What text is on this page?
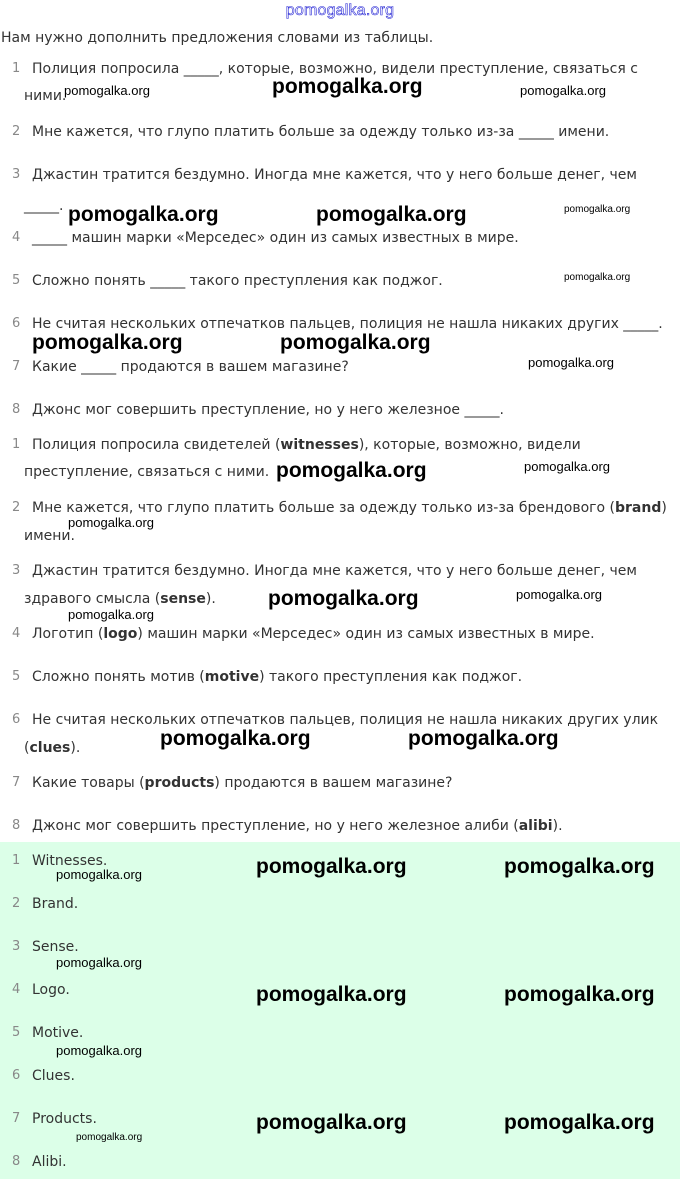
pomogalka.org
Нам нужно дополнить предложения словами из таблицы.
1 Полиция попросила _____, которые, возможно, видели преступление, связаться с
ними.
2 Мне кажется, что глупо платить больше за одежду только из-за _____ имени.
3 Джастин тратится бездумно. Иногда мне кажется, что у него больше денег, чем
_____.
4 _____ машин марки «Мерседес» один из самых известных в мире.
5 Сложно понять _____ такого преступления как поджог.
6 Не считая нескольких отпечатков пальцев, полиция не нашла никаких других _____.
7 Какие _____ продаются в вашем магазине?
8 Джонс мог совершить преступление, но у него железное _____.
1 Полиция попросила свидетелей (witnesses), которые, возможно, видели
преступление, связаться с ними.
2 Мне кажется, что глупо платить больше за одежду только из-за брендового (brand)
имени.
3 Джастин тратится бездумно. Иногда мне кажется, что у него больше денег, чем
здравого смысла (sense).
4 Логотип (logo) машин марки «Мерседес» один из самых известных в мире.
5 Сложно понять мотив (motive) такого преступления как поджог.
6 Не считая нескольких отпечатков пальцев, полиция не нашла никаких других улик
(clues).
7 Какие товары (products) продаются в вашем магазине?
8 Джонс мог совершить преступление, но у него железное алиби (alibi).
1 Witnesses.
2 Brand.
3 Sense.
4 Logo.
5 Motive.
6 Clues.
7 Products.
8 Alibi.
pomogalka.org	pomogalka.org	pomogalka.org
pomogalka.org	pomogalka.org	pomogalka.org
pomogalka.org
pomogalka.org	pomogalka.org
pomogalka.org
pomogalka.org	pomogalka.org
pomogalka.org
pomogalka.org	pomogalka.org
pomogalka.org
pomogalka.org	pomogalka.org
pomogalka.org	pomogalka.org
pomogalka.org
pomogalka.org
pomogalka.org	pomogalka.org
pomogalka.org
pomogalka.org	pomogalka.org
pomogalka.org
